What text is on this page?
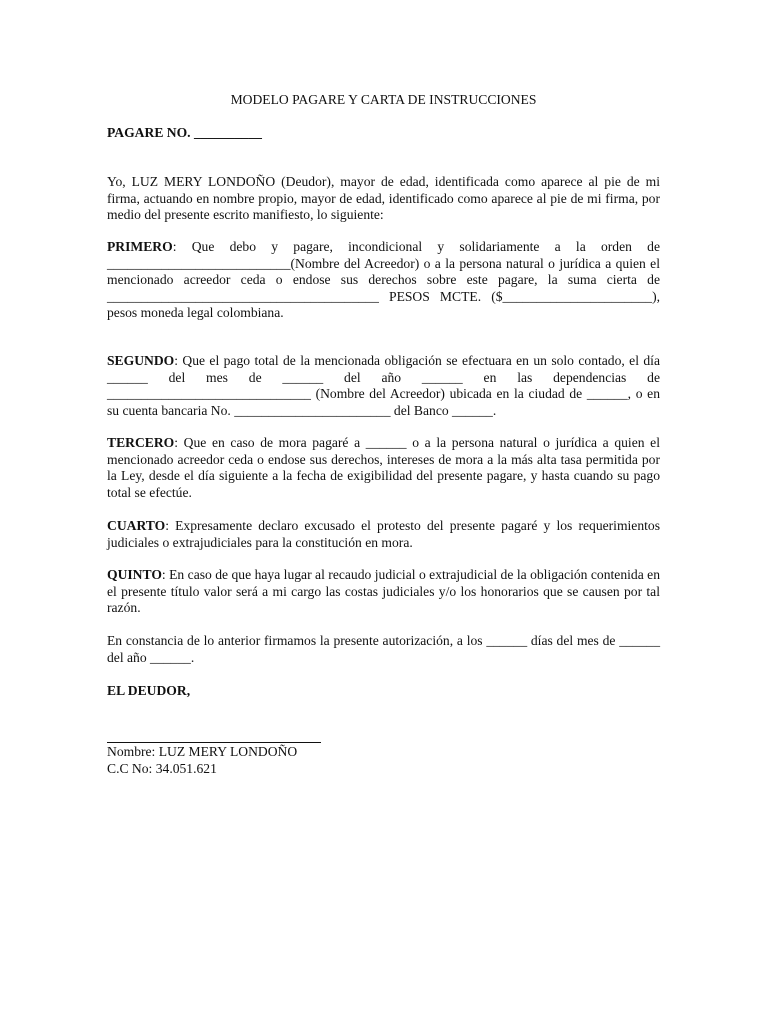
MODELO PAGARE Y CARTA DE INSTRUCCIONES
PAGARE NO. __________
Yo, LUZ MERY LONDOÑO (Deudor), mayor de edad, identificada como aparece al pie de mi firma, actuando en nombre propio, mayor de edad, identificado como aparece al pie de mi firma, por medio del presente escrito manifiesto, lo siguiente:
PRIMERO: Que debo y pagare, incondicional y solidariamente a la orden de ___________________________(Nombre del Acreedor) o a la persona natural o jurídica a quien el mencionado acreedor ceda o endose sus derechos sobre este pagare, la suma cierta de ________________________________________ PESOS MCTE. ($______________________), pesos moneda legal colombiana.
SEGUNDO: Que el pago total de la mencionada obligación se efectuara en un solo contado, el día ______ del mes de ______ del año ______ en las dependencias de ______________________________ (Nombre del Acreedor) ubicada en la ciudad de ______, o en su cuenta bancaria No. _______________________ del Banco ______.
TERCERO: Que en caso de mora pagaré a ______ o a la persona natural o jurídica a quien el mencionado acreedor ceda o endose sus derechos, intereses de mora a la más alta tasa permitida por la Ley, desde el día siguiente a la fecha de exigibilidad del presente pagare, y hasta cuando su pago total se efectúe.
CUARTO: Expresamente declaro excusado el protesto del presente pagaré y los requerimientos judiciales o extrajudiciales para la constitución en mora.
QUINTO: En caso de que haya lugar al recaudo judicial o extrajudicial de la obligación contenida en el presente título valor será a mi cargo las costas judiciales y/o los honorarios que se causen por tal razón.
En constancia de lo anterior firmamos la presente autorización, a los ______ días del mes de ______ del año ______.
EL DEUDOR,
Nombre: LUZ MERY LONDOÑO
C.C No: 34.051.621
